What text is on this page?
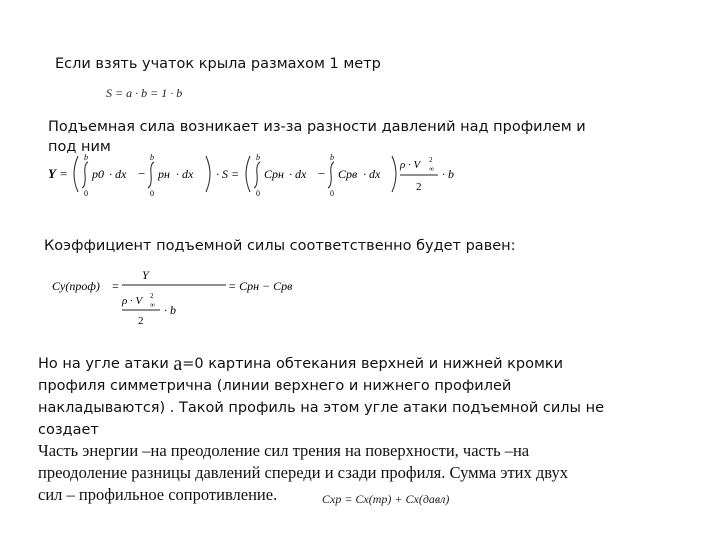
Если взять учаток крыла размахом 1 метр
S = a · b = 1 · b
Подъемная сила возникает из-за разности давлений над профилем и
под ним
Y =
b
0
p0 · dx −
b
0
pн · dx · S =
b
0
Cpн · dx −
b
0
Cpв · dx
ρ · V 2
∞
2
· b
Коэффициент подъемной силы соответственно будет равен:
Cy(проф) =
Y
ρ · V 2
∞
2
· b
= Cpн − Cpв
Но на угле атаки a=0 картина обтекания верхней и нижней кромки
профиля симметрична (линии верхнего и нижнего профилей
накладываются) . Такой профиль на этом угле атаки подъемной силы не
создает
Часть энергии –на преодоление сил трения на поверхности, часть –на
преодоление разницы давлений спереди и сзади профиля. Сумма этих двух
сил – профильное сопротивление.	Cxp = Cx(тр) + Cx(давл)
